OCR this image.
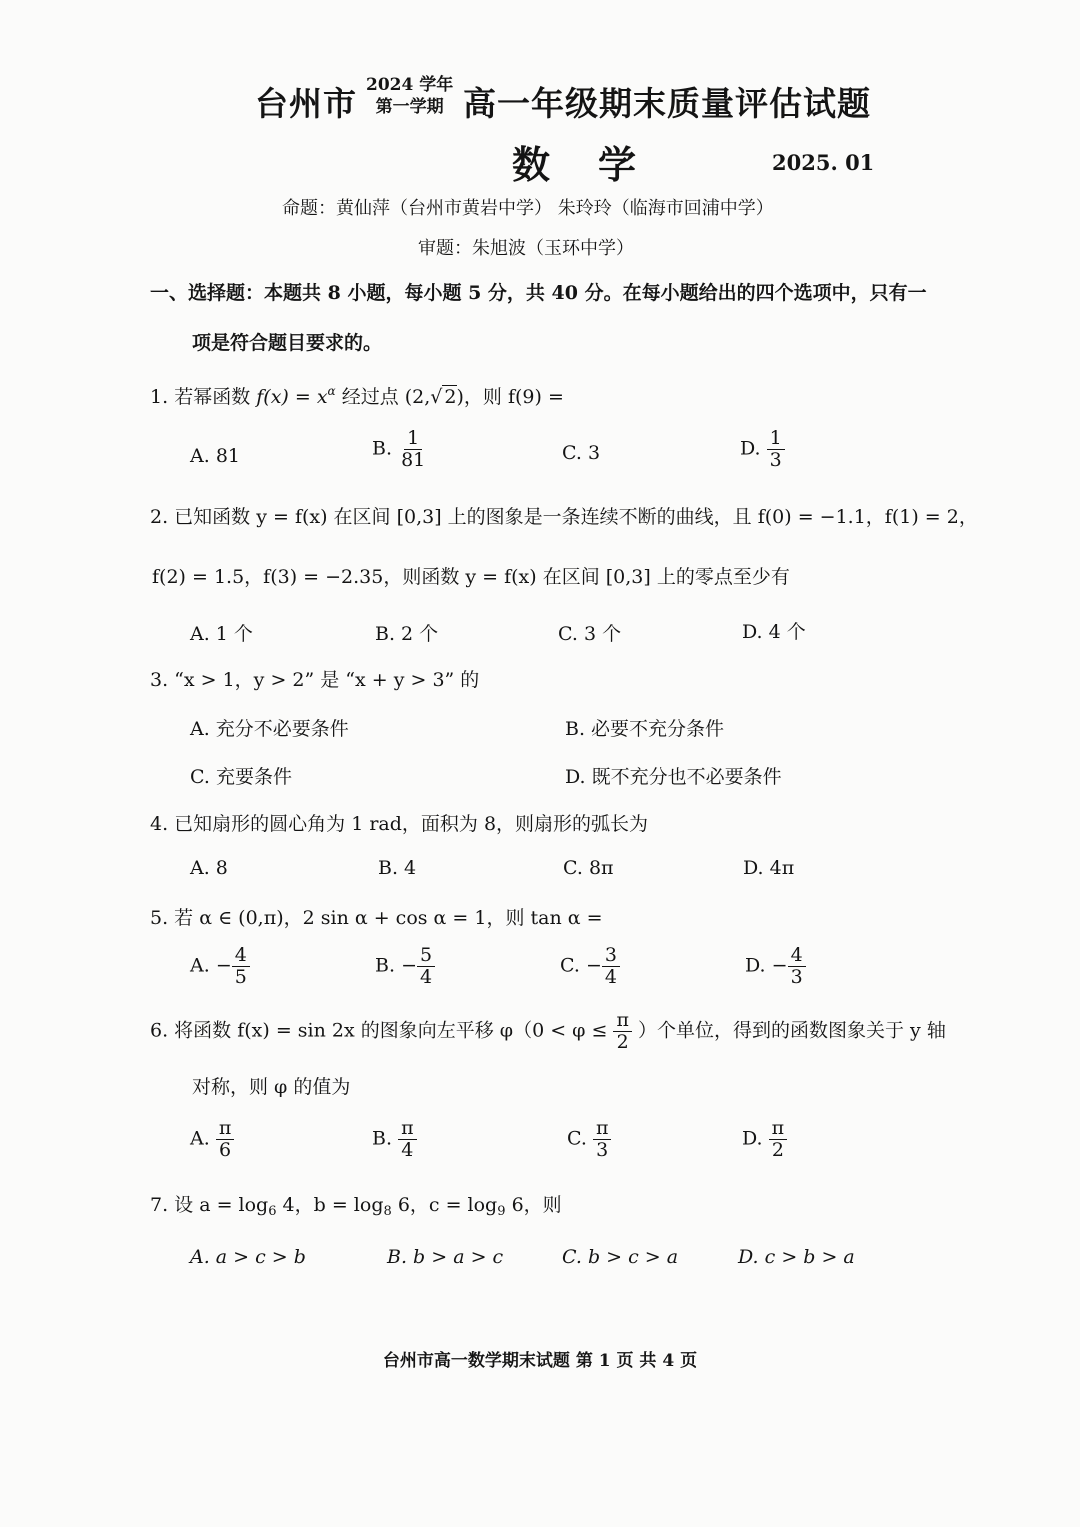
台州市 2024 学年
第一学期 高一年级期末质量评估试题
数学	2025. 01
命题：黄仙萍（台州市黄岩中学） 朱玲玲（临海市回浦中学）
审题：朱旭波（玉环中学）
一、选择题：本题共 8 小题，每小题 5 分，共 40 分。在每小题给出的四个选项中，只有一
项是符合题目要求的。
1. 若幂函数 $f(x) = x^\alpha$ 经过点 (2,√ 2)，则 f(9) =
A. 81	B. $\frac{1}{81}$	C. 3	D. $\frac{1}{3}$
2. 已知函数 y = f(x) 在区间 [0,3] 上的图象是一条连续不断的曲线，且 f(0) = −1.1，f(1) = 2，
f(2) = 1.5，f(3) = −2.35，则函数 y = f(x) 在区间 [0,3] 上的零点至少有
A. 1 个	B. 2 个	C. 3 个	D. 4 个
3. “x > 1，y > 2” 是 “x + y > 3” 的
A. 充分不必要条件	B. 必要不充分条件
C. 充要条件	D. 既不充分也不必要条件
4. 已知扇形的圆心角为 1 rad，面积为 8，则扇形的弧长为
A. 8	B. 4	C. 8π	D. 4π
5. 若 α ∈ (0,π)，2 sin α + cos α = 1，则 tan α =
A. − $\frac{4}{5}$	B. − $\frac{5}{4}$	C. − $\frac{3}{4}$	D. − $\frac{4}{3}$
6. 将函数 f(x) = sin 2x 的图象向左平移 $\varphi(0 < \varphi \le \frac{\pi}{2}$ ）个单位，得到的函数图象关于 y 轴
对称，则 φ 的值为
A. $\frac{\pi}{6}$	B. $\frac{\pi}{4}$	C. $\frac{\pi}{3}$	D. $\frac{\pi}{2}$
7. 设 $a = \log_6 4$，$b = \log_8 6$，$c = \log_9 6$，则
A. a > c > b	B. b > a > c	C. b > c > a	D. c > b > a
台州市高一数学期末试题 第 1 页 共 4 页
